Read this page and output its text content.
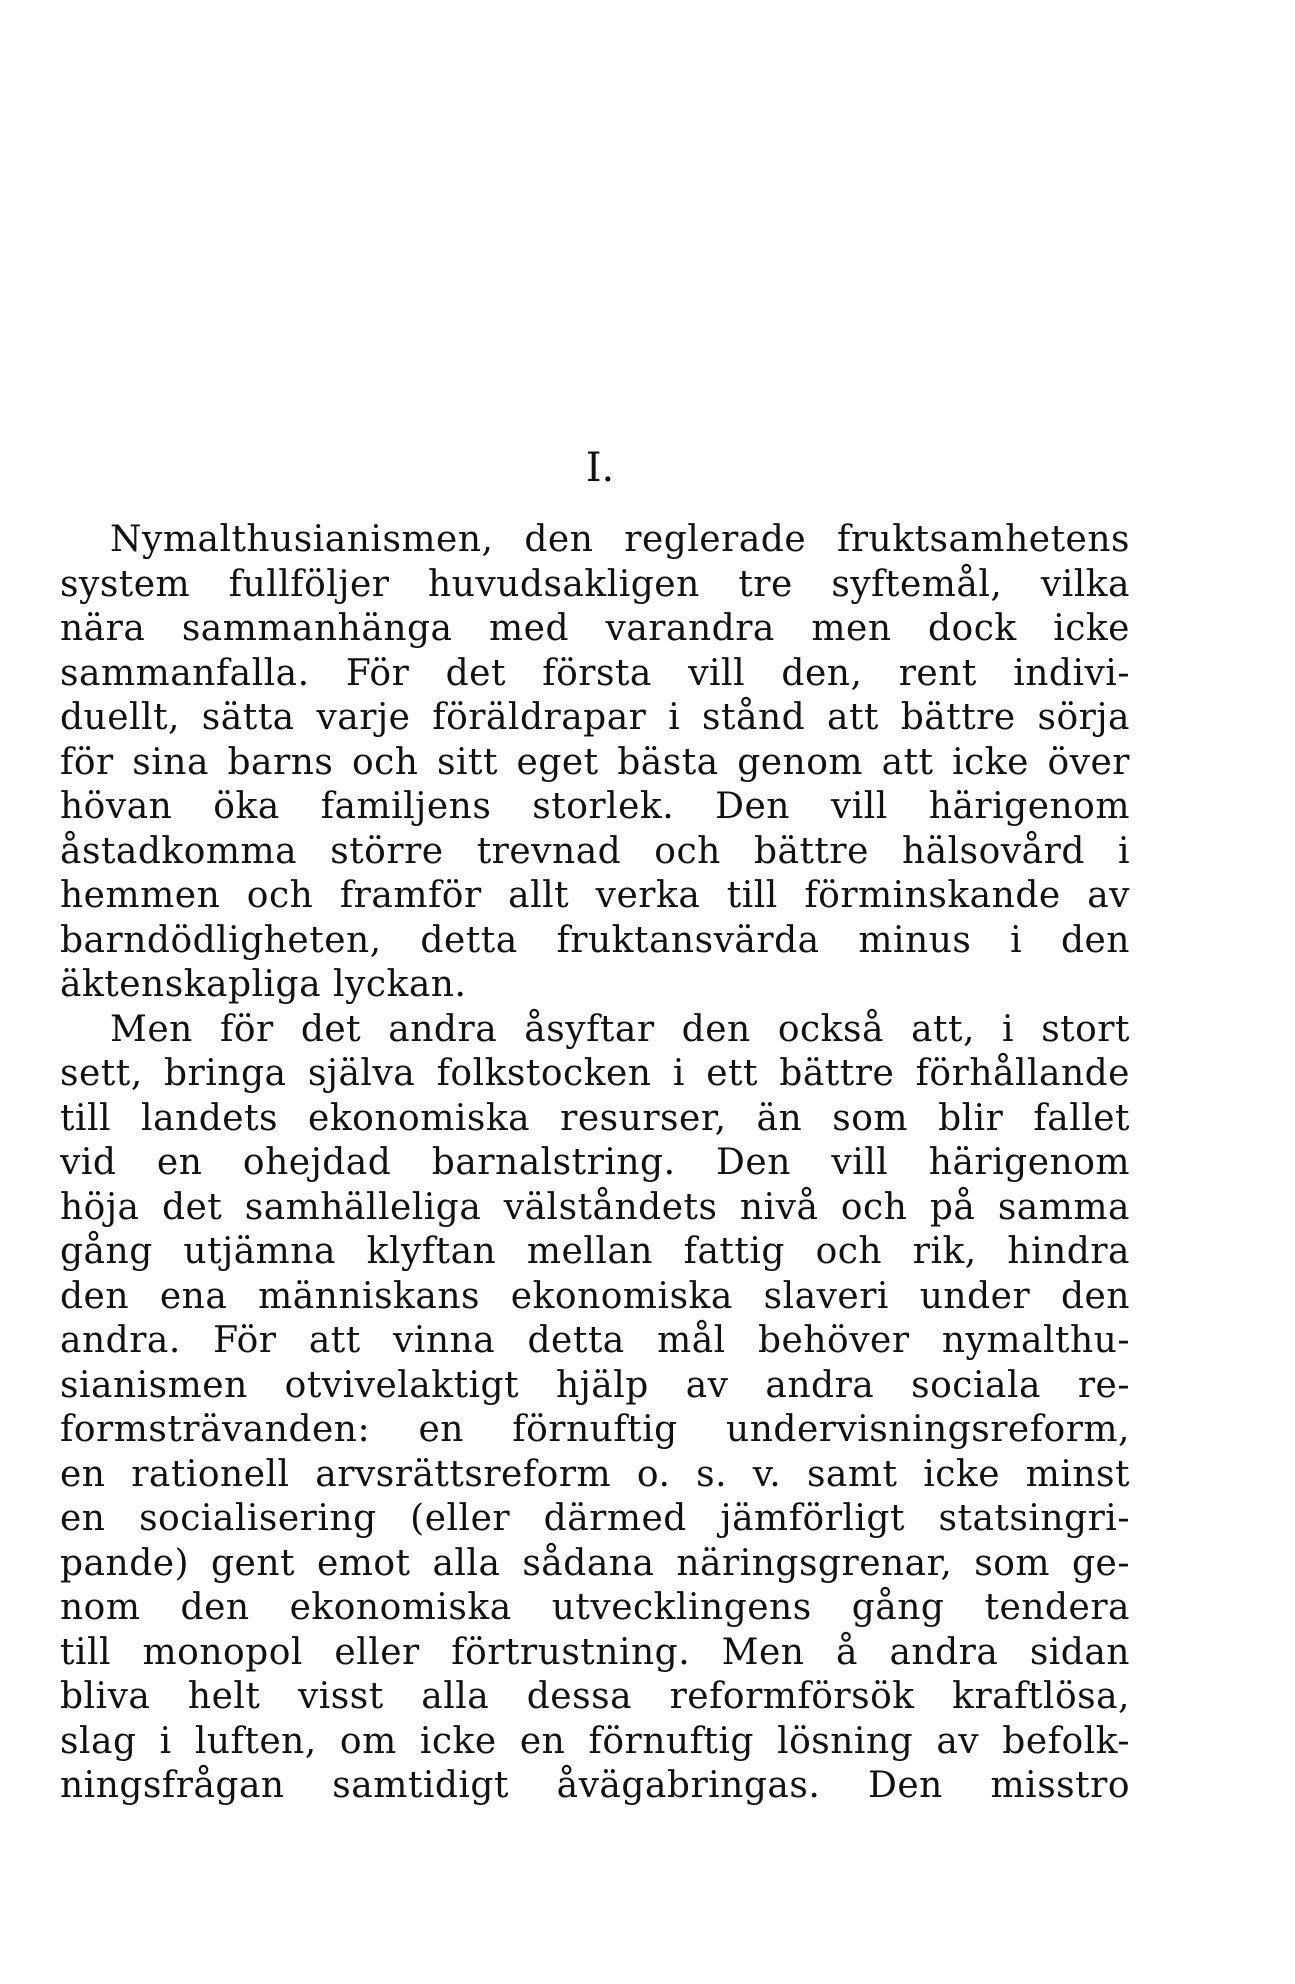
I.
Nymalthusianismen, den reglerade fruktsamhetens
system fullföljer huvudsakligen tre syftemål, vilka
nära sammanhänga med varandra men dock icke
sammanfalla. För det första vill den, rent indivi-
duellt, sätta varje föräldrapar i stånd att bättre sörja
för sina barns och sitt eget bästa genom att icke över
hövan öka familjens storlek. Den vill härigenom
åstadkomma större trevnad och bättre hälsovård i
hemmen och framför allt verka till förminskande av
barndödligheten, detta fruktansvärda minus i den
äktenskapliga lyckan.
Men för det andra åsyftar den också att, i stort
sett, bringa själva folkstocken i ett bättre förhållande
till landets ekonomiska resurser, än som blir fallet
vid en ohejdad barnalstring. Den vill härigenom
höja det samhälleliga välståndets nivå och på samma
gång utjämna klyftan mellan fattig och rik, hindra
den ena människans ekonomiska slaveri under den
andra. För att vinna detta mål behöver nymalthu-
sianismen otvivelaktigt hjälp av andra sociala re-
formsträvanden: en förnuftig undervisningsreform,
en rationell arvsrättsreform o. s. v. samt icke minst
en socialisering (eller därmed jämförligt statsingri-
pande) gent emot alla sådana näringsgrenar, som ge-
nom den ekonomiska utvecklingens gång tendera
till monopol eller förtrustning. Men å andra sidan
bliva helt visst alla dessa reformförsök kraftlösa,
slag i luften, om icke en förnuftig lösning av befolk-
ningsfrågan samtidigt åvägabringas. Den misstro
